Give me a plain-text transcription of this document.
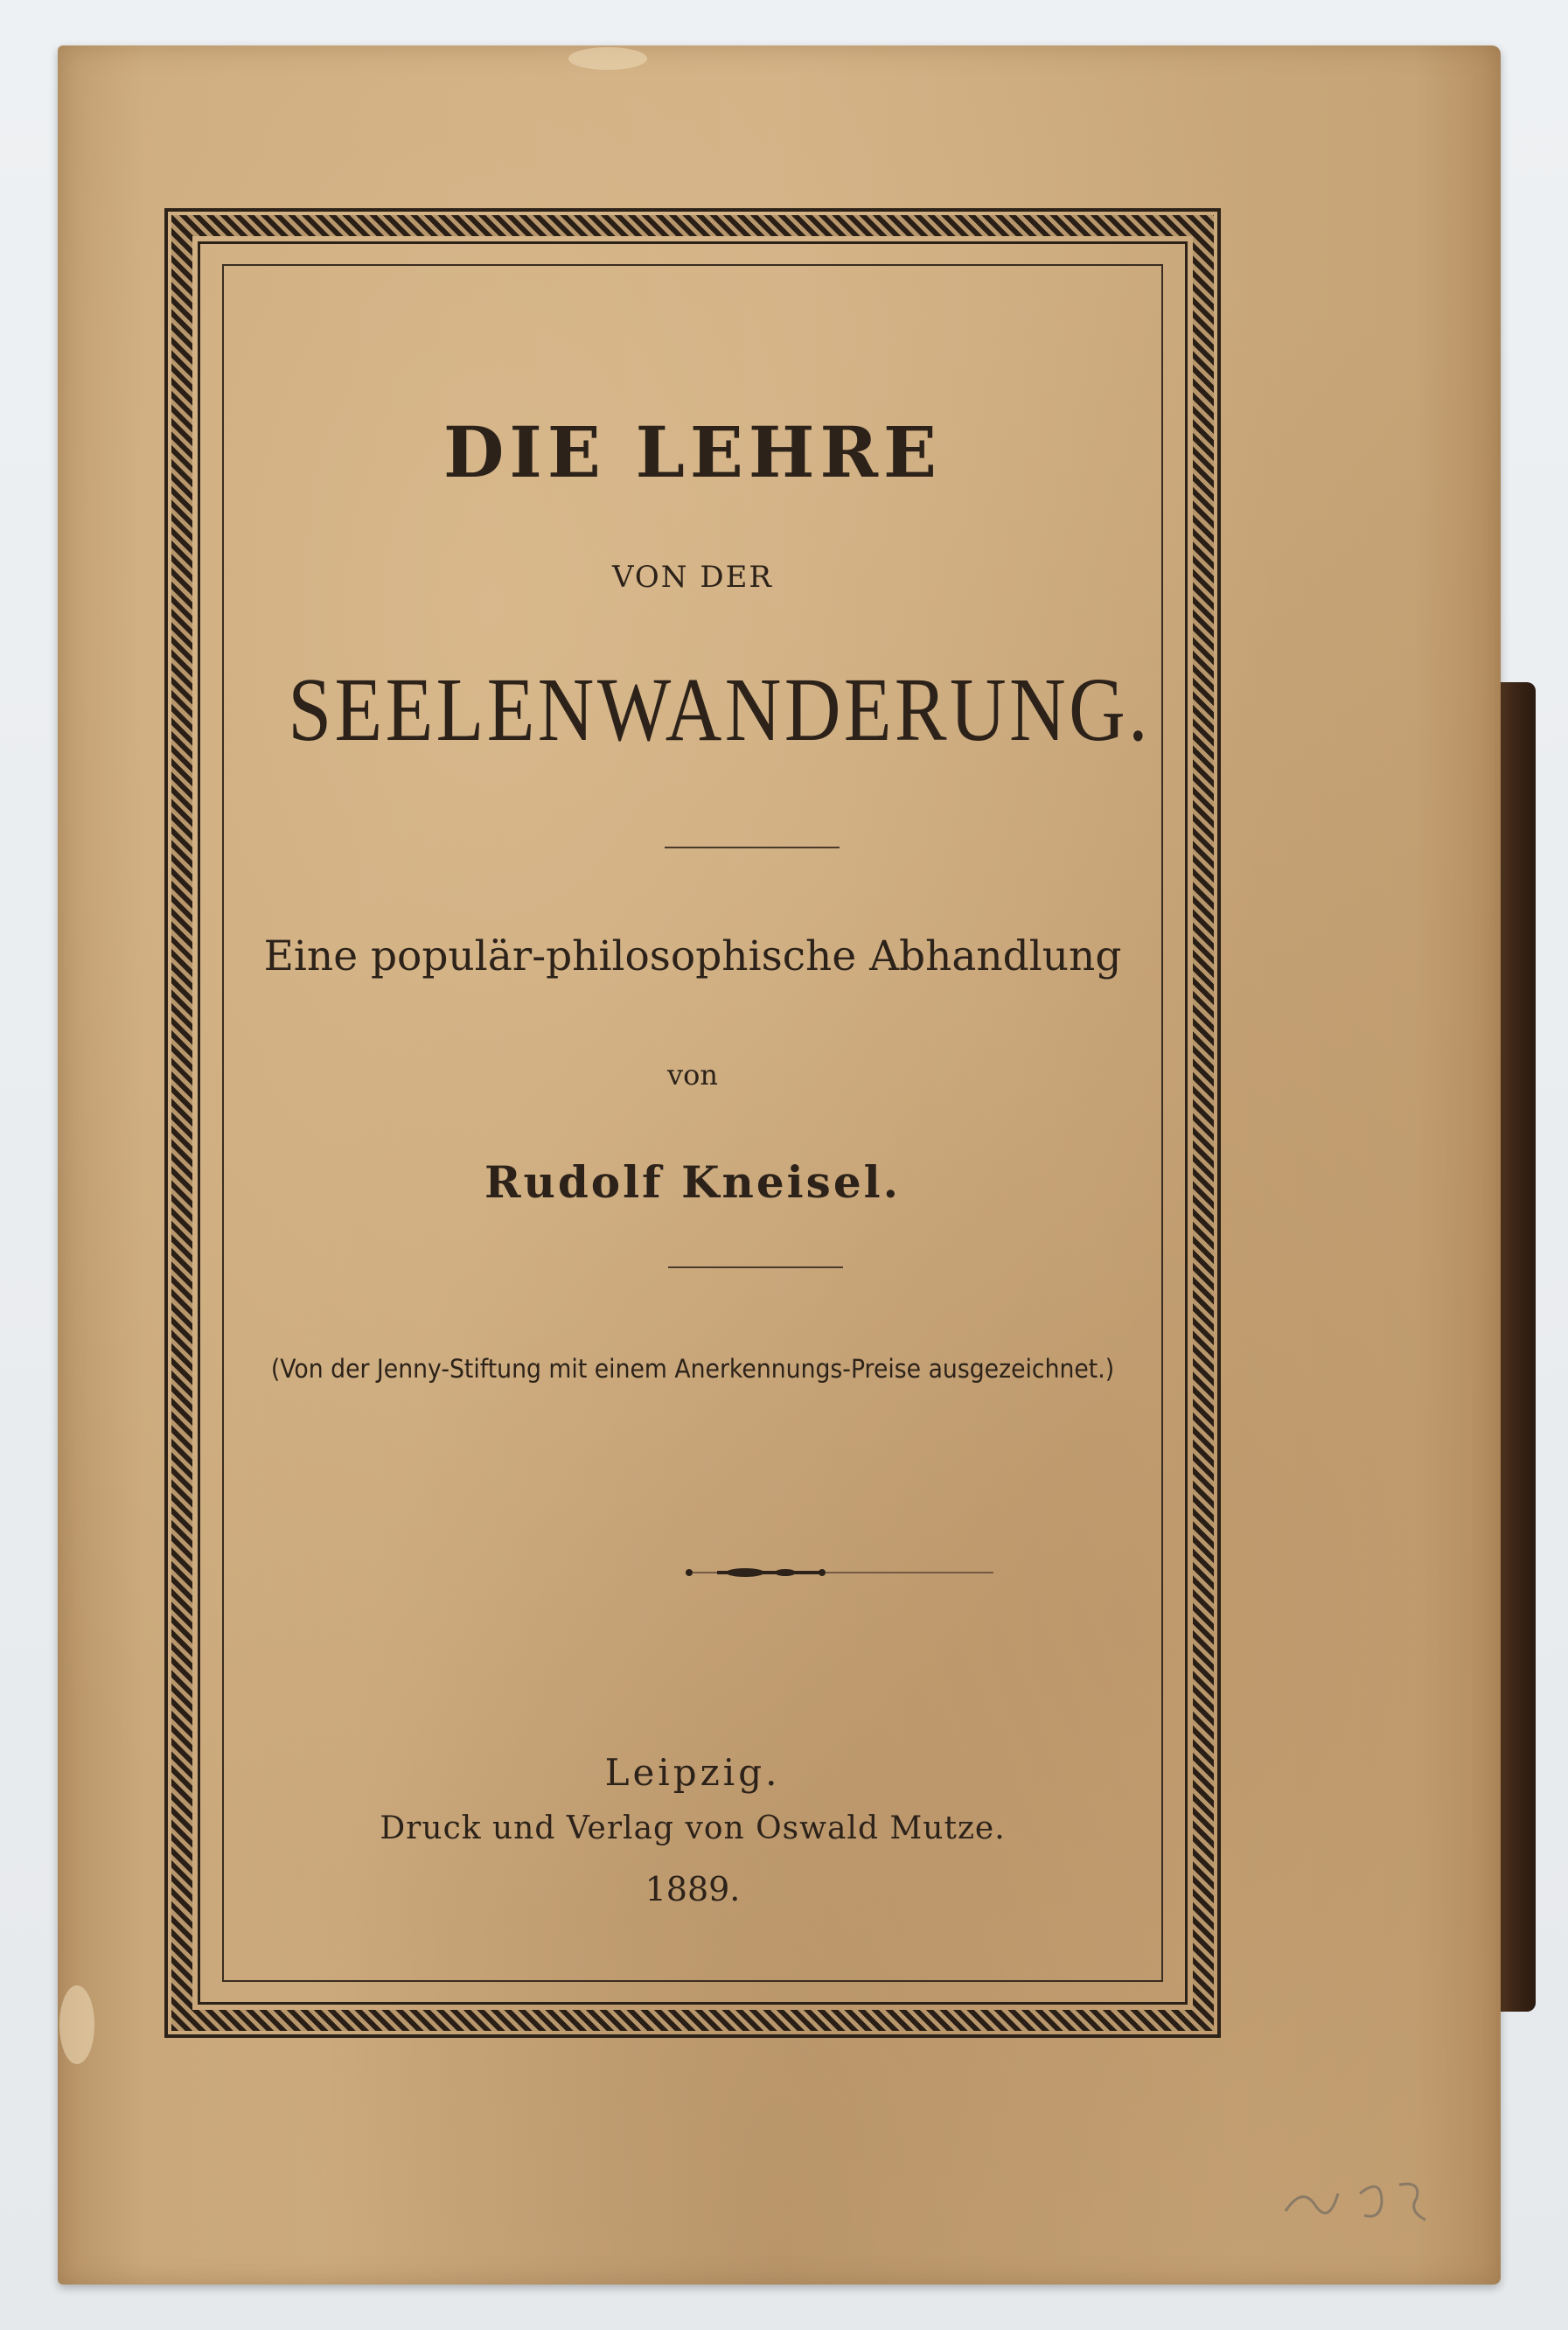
DIE LEHRE
VON DER
SEELENWANDERUNG.
Eine populär-philosophische Abhandlung
von
Rudolf Kneisel.
(Von der Jenny-Stiftung mit einem Anerkennungs-Preise ausgezeichnet.)
Leipzig.
Druck und Verlag von Oswald Mutze.
1889.
